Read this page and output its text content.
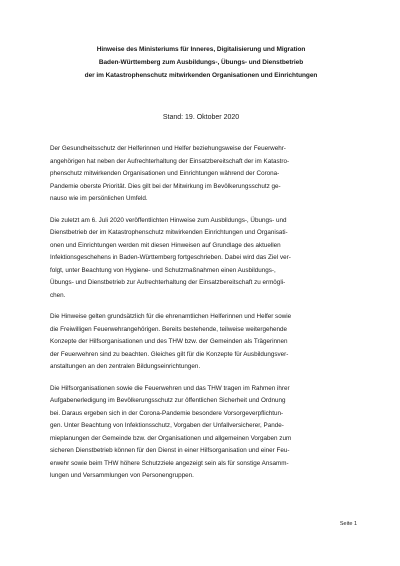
Hinweise des Ministeriums für Inneres, Digitalisierung und Migration
Baden-Württemberg zum Ausbildungs-, Übungs- und Dienstbetrieb
der im Katastrophenschutz mitwirkenden Organisationen und Einrichtungen
Stand: 19. Oktober 2020
Der Gesundheitsschutz der Helferinnen und Helfer beziehungsweise der Feuerwehr-
angehörigen hat neben der Aufrechterhaltung der Einsatzbereitschaft der im Katastro-
phenschutz mitwirkenden Organisationen und Einrichtungen während der Corona-
Pandemie oberste Priorität. Dies gilt bei der Mitwirkung im Bevölkerungsschutz ge-
nauso wie im persönlichen Umfeld.
Die zuletzt am 6. Juli 2020 veröffentlichten Hinweise zum Ausbildungs-, Übungs- und
Dienstbetrieb der im Katastrophenschutz mitwirkenden Einrichtungen und Organisati-
onen und Einrichtungen werden mit diesen Hinweisen auf Grundlage des aktuellen
Infektionsgeschehens in Baden-Württemberg fortgeschrieben. Dabei wird das Ziel ver-
folgt, unter Beachtung von Hygiene- und Schutzmaßnahmen einen Ausbildungs-,
Übungs- und Dienstbetrieb zur Aufrechterhaltung der Einsatzbereitschaft zu ermögli-
chen.
Die Hinweise gelten grundsätzlich für die ehrenamtlichen Helferinnen und Helfer sowie
die Freiwilligen Feuerwehrangehörigen. Bereits bestehende, teilweise weitergehende
Konzepte der Hilfsorganisationen und des THW bzw. der Gemeinden als Trägerinnen
der Feuerwehren sind zu beachten. Gleiches gilt für die Konzepte für Ausbildungsver-
anstaltungen an den zentralen Bildungseinrichtungen.
Die Hilfsorganisationen sowie die Feuerwehren und das THW tragen im Rahmen ihrer
Aufgabenerledigung im Bevölkerungsschutz zur öffentlichen Sicherheit und Ordnung
bei. Daraus ergeben sich in der Corona-Pandemie besondere Vorsorgeverpflichtun-
gen. Unter Beachtung von Infektionsschutz, Vorgaben der Unfallversicherer, Pande-
mieplanungen der Gemeinde bzw. der Organisationen und allgemeinen Vorgaben zum
sicheren Dienstbetrieb können für den Dienst in einer Hilfsorganisation und einer Feu-
erwehr sowie beim THW höhere Schutzziele angezeigt sein als für sonstige Ansamm-
lungen und Versammlungen von Personengruppen.
Seite 1
